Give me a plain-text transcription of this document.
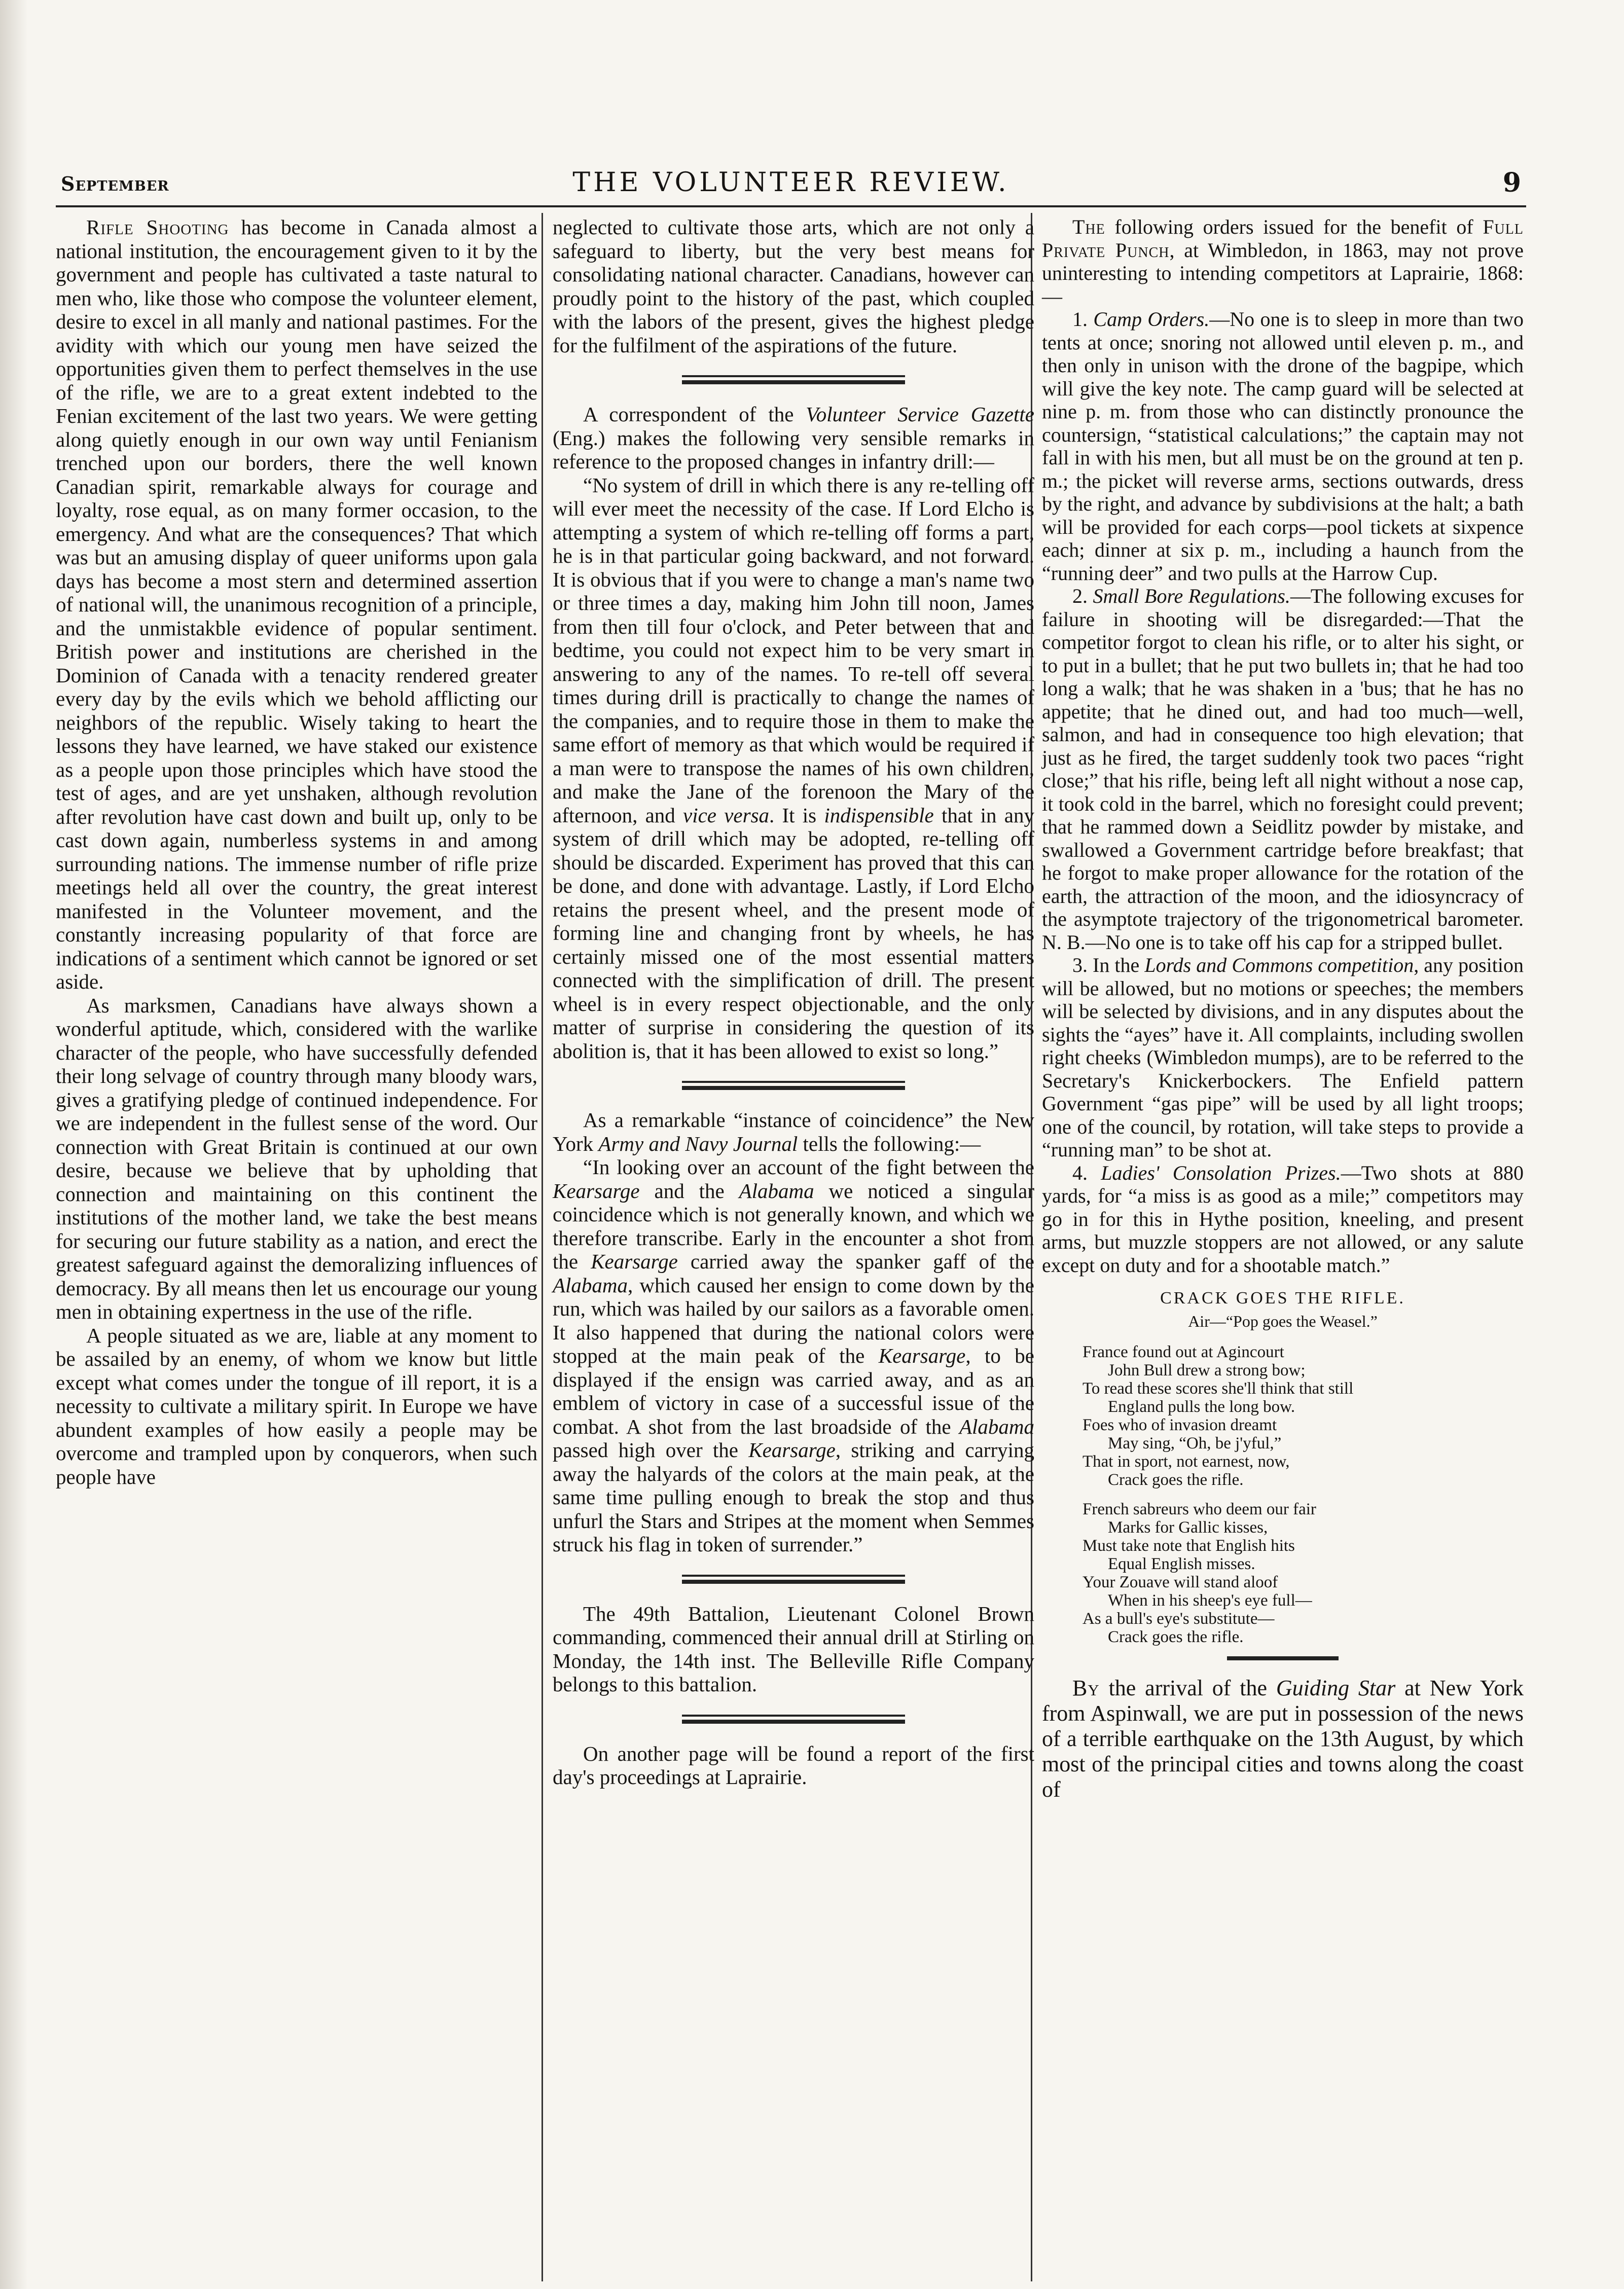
September	THE VOLUNTEER REVIEW.	9

Rifle Shooting has become in Canada almost a national institution, the encouragement given to it by the government and people has cultivated a taste natural to men who, like those who compose the volunteer element, desire to excel in all manly and national pastimes. For the avidity with which our young men have seized the opportunities given them to perfect themselves in the use of the rifle, we are to a great extent indebted to the Fenian excitement of the last two years. We were getting along quietly enough in our own way until Fenianism trenched upon our borders, there the well known Canadian spirit, remarkable always for courage and loyalty, rose equal, as on many former occasion, to the emergency. And what are the consequences? That which was but an amusing display of queer uniforms upon gala days has become a most stern and determined assertion of national will, the unanimous recognition of a principle, and the unmistakble evidence of popular sentiment. British power and institutions are cherished in the Dominion of Canada with a tenacity rendered greater every day by the evils which we behold afflicting our neighbors of the republic. Wisely taking to heart the lessons they have learned, we have staked our existence as a people upon those principles which have stood the test of ages, and are yet unshaken, although revolution after revolution have cast down and built up, only to be cast down again, numberless systems in and among surrounding nations. The immense number of rifle prize meetings held all over the country, the great interest manifested in the Volunteer movement, and the constantly increasing popularity of that force are indications of a sentiment which cannot be ignored or set aside.

As marksmen, Canadians have always shown a wonderful aptitude, which, considered with the warlike character of the people, who have successfully defended their long selvage of country through many bloody wars, gives a gratifying pledge of continued independence. For we are independent in the fullest sense of the word. Our connection with Great Britain is continued at our own desire, because we believe that by upholding that connection and maintaining on this continent the institutions of the mother land, we take the best means for securing our future stability as a nation, and erect the greatest safeguard against the demoralizing influences of democracy. By all means then let us encourage our young men in obtaining expertness in the use of the rifle.

A people situated as we are, liable at any moment to be assailed by an enemy, of whom we know but little except what comes under the tongue of ill report, it is a necessity to cultivate a military spirit. In Europe we have abundent examples of how easily a people may be overcome and trampled upon by conquerors, when such people have

neglected to cultivate those arts, which are not only a safeguard to liberty, but the very best means for consolidating national character. Canadians, however can proudly point to the history of the past, which coupled with the labors of the present, gives the highest pledge for the fulfilment of the aspirations of the future.

A correspondent of the Volunteer Service Gazette (Eng.) makes the following very sensible remarks in reference to the proposed changes in infantry drill:—

“No system of drill in which there is any re-telling off will ever meet the necessity of the case. If Lord Elcho is attempting a system of which re-telling off forms a part, he is in that particular going backward, and not forward. It is obvious that if you were to change a man's name two or three times a day, making him John till noon, James from then till four o'clock, and Peter between that and bedtime, you could not expect him to be very smart in answering to any of the names. To re-tell off several times during drill is practically to change the names of the companies, and to require those in them to make the same effort of memory as that which would be required if a man were to transpose the names of his own children, and make the Jane of the forenoon the Mary of the afternoon, and vice versa. It is indispensible that in any system of drill which may be adopted, re-telling off should be discarded. Experiment has proved that this can be done, and done with advantage. Lastly, if Lord Elcho retains the present wheel, and the present mode of forming line and changing front by wheels, he has certainly missed one of the most essential matters connected with the simplification of drill. The present wheel is in every respect objectionable, and the only matter of surprise in considering the question of its abolition is, that it has been allowed to exist so long.”

As a remarkable “instance of coincidence” the New York Army and Navy Journal tells the following:—

“In looking over an account of the fight between the Kearsarge and the Alabama we noticed a singular coincidence which is not generally known, and which we therefore transcribe. Early in the encounter a shot from the Kearsarge carried away the spanker gaff of the Alabama, which caused her ensign to come down by the run, which was hailed by our sailors as a favorable omen. It also happened that during the national colors were stopped at the main peak of the Kearsarge, to be displayed if the ensign was carried away, and as an emblem of victory in case of a successful issue of the combat. A shot from the last broadside of the Alabama passed high over the Kearsarge, striking and carrying away the halyards of the colors at the main peak, at the same time pulling enough to break the stop and thus unfurl the Stars and Stripes at the moment when Semmes struck his flag in token of surrender.”

The 49th Battalion, Lieutenant Colonel Brown commanding, commenced their annual drill at Stirling on Monday, the 14th inst. The Belleville Rifle Company belongs to this battalion.

On another page will be found a report of the first day's proceedings at Laprairie.

The following orders issued for the benefit of Full Private Punch, at Wimbledon, in 1863, may not prove uninteresting to intending competitors at Laprairie, 1868:—

1. Camp Orders.—No one is to sleep in more than two tents at once; snoring not allowed until eleven p. m., and then only in unison with the drone of the bagpipe, which will give the key note. The camp guard will be selected at nine p. m. from those who can distinctly pronounce the countersign, “statistical calculations;” the captain may not fall in with his men, but all must be on the ground at ten p. m.; the picket will reverse arms, sections outwards, dress by the right, and advance by subdivisions at the halt; a bath will be provided for each corps—pool tickets at sixpence each; dinner at six p. m., including a haunch from the “running deer” and two pulls at the Harrow Cup.

2. Small Bore Regulations.—The following excuses for failure in shooting will be disregarded:—That the competitor forgot to clean his rifle, or to alter his sight, or to put in a bullet; that he put two bullets in; that he had too long a walk; that he was shaken in a 'bus; that he has no appetite; that he dined out, and had too much—well, salmon, and had in consequence too high elevation; that just as he fired, the target suddenly took two paces “right close;” that his rifle, being left all night without a nose cap, it took cold in the barrel, which no foresight could prevent; that he rammed down a Seidlitz powder by mistake, and swallowed a Government cartridge before breakfast; that he forgot to make proper allowance for the rotation of the earth, the attraction of the moon, and the idiosyncracy of the asymptote trajectory of the trigonometrical barometer. N. B.—No one is to take off his cap for a stripped bullet.

3. In the Lords and Commons competition, any position will be allowed, but no motions or speeches; the members will be selected by divisions, and in any disputes about the sights the “ayes” have it. All complaints, including swollen right cheeks (Wimbledon mumps), are to be referred to the Secretary's Knickerbockers. The Enfield pattern Government “gas pipe” will be used by all light troops; one of the council, by rotation, will take steps to provide a “running man” to be shot at.

4. Ladies' Consolation Prizes.—Two shots at 880 yards, for “a miss is as good as a mile;” competitors may go in for this in Hythe position, kneeling, and present arms, but muzzle stoppers are not allowed, or any salute except on duty and for a shootable match.”

CRACK GOES THE RIFLE.
Air—“Pop goes the Weasel.”
France found out at Agincourt
John Bull drew a strong bow;
To read these scores she'll think that still
England pulls the long bow.
Foes who of invasion dreamt
May sing, “Oh, be j'yful,”
That in sport, not earnest, now,
Crack goes the rifle.
French sabreurs who deem our fair
Marks for Gallic kisses,
Must take note that English hits
Equal English misses.
Your Zouave will stand aloof
When in his sheep's eye full—
As a bull's eye's substitute—
Crack goes the rifle.

By the arrival of the Guiding Star at New York from Aspinwall, we are put in possession of the news of a terrible earthquake on the 13th August, by which most of the principal cities and towns along the coast of
